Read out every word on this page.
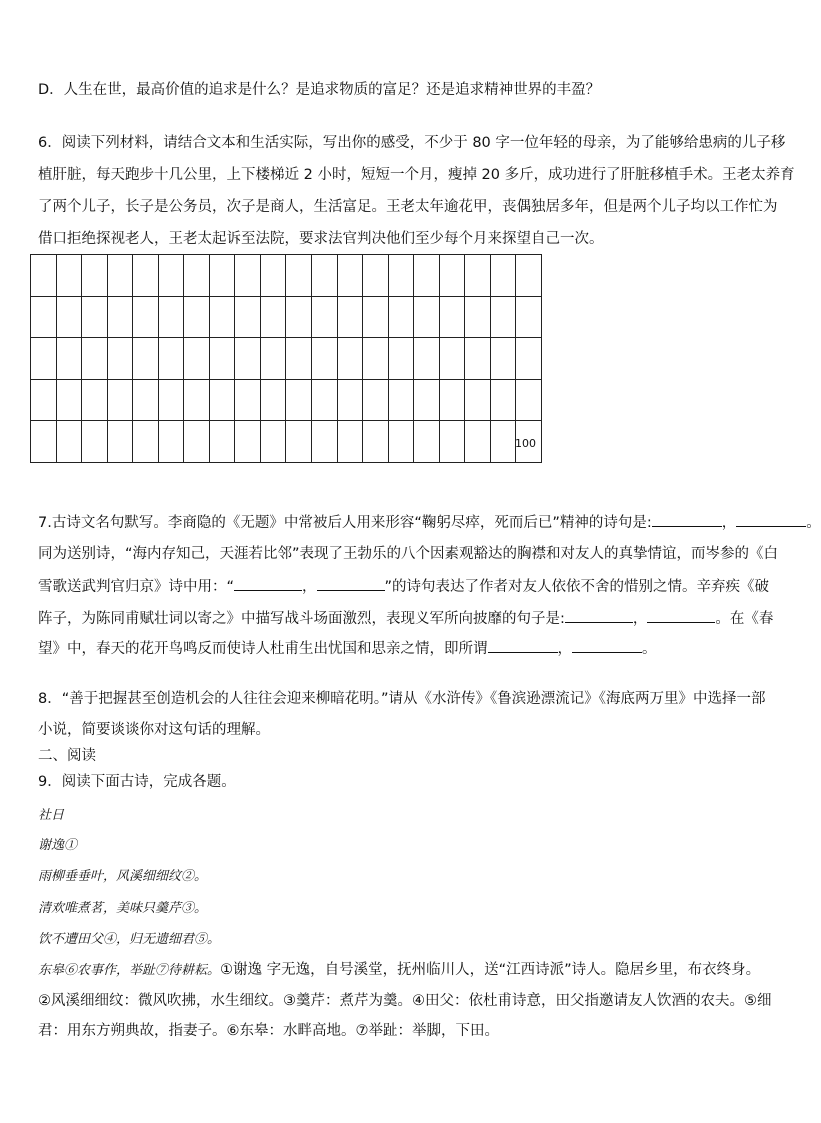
D．人生在世，最高价值的追求是什么？是追求物质的富足？还是追求精神世界的丰盈？
6．阅读下列材料，请结合文本和生活实际，写出你的感受，不少于 80 字一位年轻的母亲，为了能够给患病的儿子移
植肝脏，每天跑步十几公里，上下楼梯近 2 小时，短短一个月，瘦掉 20 多斤，成功进行了肝脏移植手术。王老太养育
了两个儿子，长子是公务员，次子是商人，生活富足。王老太年逾花甲，丧偶独居多年，但是两个儿子均以工作忙为
借口拒绝探视老人，王老太起诉至法院，要求法官判决他们至少每个月来探望自己一次。
100
7.古诗文名句默写。李商隐的《无题》中常被后人用来形容“鞠躬尽瘁，死而后已”精神的诗句是:	，	。
同为送别诗，“海内存知己，天涯若比邻”表现了王勃乐的八个因素观豁达的胸襟和对友人的真挚情谊，而岑参的《白
雪歌送武判官归京》诗中用：“	，	”的诗句表达了作者对友人依依不舍的惜别之情。辛弃疾《破
阵子，为陈同甫赋壮词以寄之》中描写战斗场面激烈，表现义军所向披靡的句子是:	，	。在《春
望》中，春天的花开鸟鸣反而使诗人杜甫生出忧国和思亲之情，即所谓	，	。
8．“善于把握甚至创造机会的人往往会迎来柳暗花明。”请从《水浒传》《鲁滨逊漂流记》《海底两万里》中选择一部
小说，简要谈谈你对这句话的理解。
二、阅读
9．阅读下面古诗，完成各题。
社日
谢逸①
雨柳垂垂叶，风溪细细纹②。
清欢唯煮茗，美味只羹芹③。
饮不遭田父④，归无遗细君⑤。
东皋⑥农事作，举趾⑦待耕耘。①谢逸 字无逸，自号溪堂，抚州临川人，送“江西诗派”诗人。隐居乡里，布衣终身。
②风溪细细纹：微风吹拂，水生细纹。③羹芹：煮芹为羹。④田父：依杜甫诗意，田父指邀请友人饮酒的农夫。⑤细
君：用东方朔典故，指妻子。⑥东皋：水畔高地。⑦举趾：举脚，下田。
